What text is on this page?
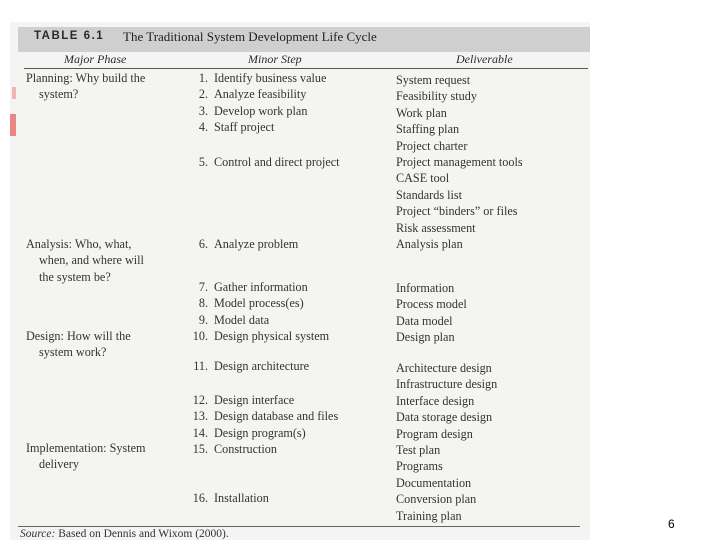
TABLE 6.1 The Traditional System Development Life Cycle
Major Phase	Minor Step	Deliverable
Planning: Why build the
system?
Analysis: Who, what,
when, and where will
the system be?
Design: How will the
system work?
Implementation: System
delivery
1. Identify business value
2. Analyze feasibility
3. Develop work plan
4. Staff project
5. Control and direct project
6. Analyze problem
7. Gather information
8. Model process(es)
9. Model data
10. Design physical system
11. Design architecture
12. Design interface
13. Design database and files
14. Design program(s)
15. Construction
16. Installation
System request
Feasibility study
Work plan
Staffing plan
Project charter
Project management tools
CASE tool
Standards list
Project “binders” or files
Risk assessment
Analysis plan
Information
Process model
Data model
Design plan
Architecture design
Infrastructure design
Interface design
Data storage design
Program design
Test plan
Programs
Documentation
Conversion plan
Training plan
Source: Based on Dennis and Wixom (2000).
6
